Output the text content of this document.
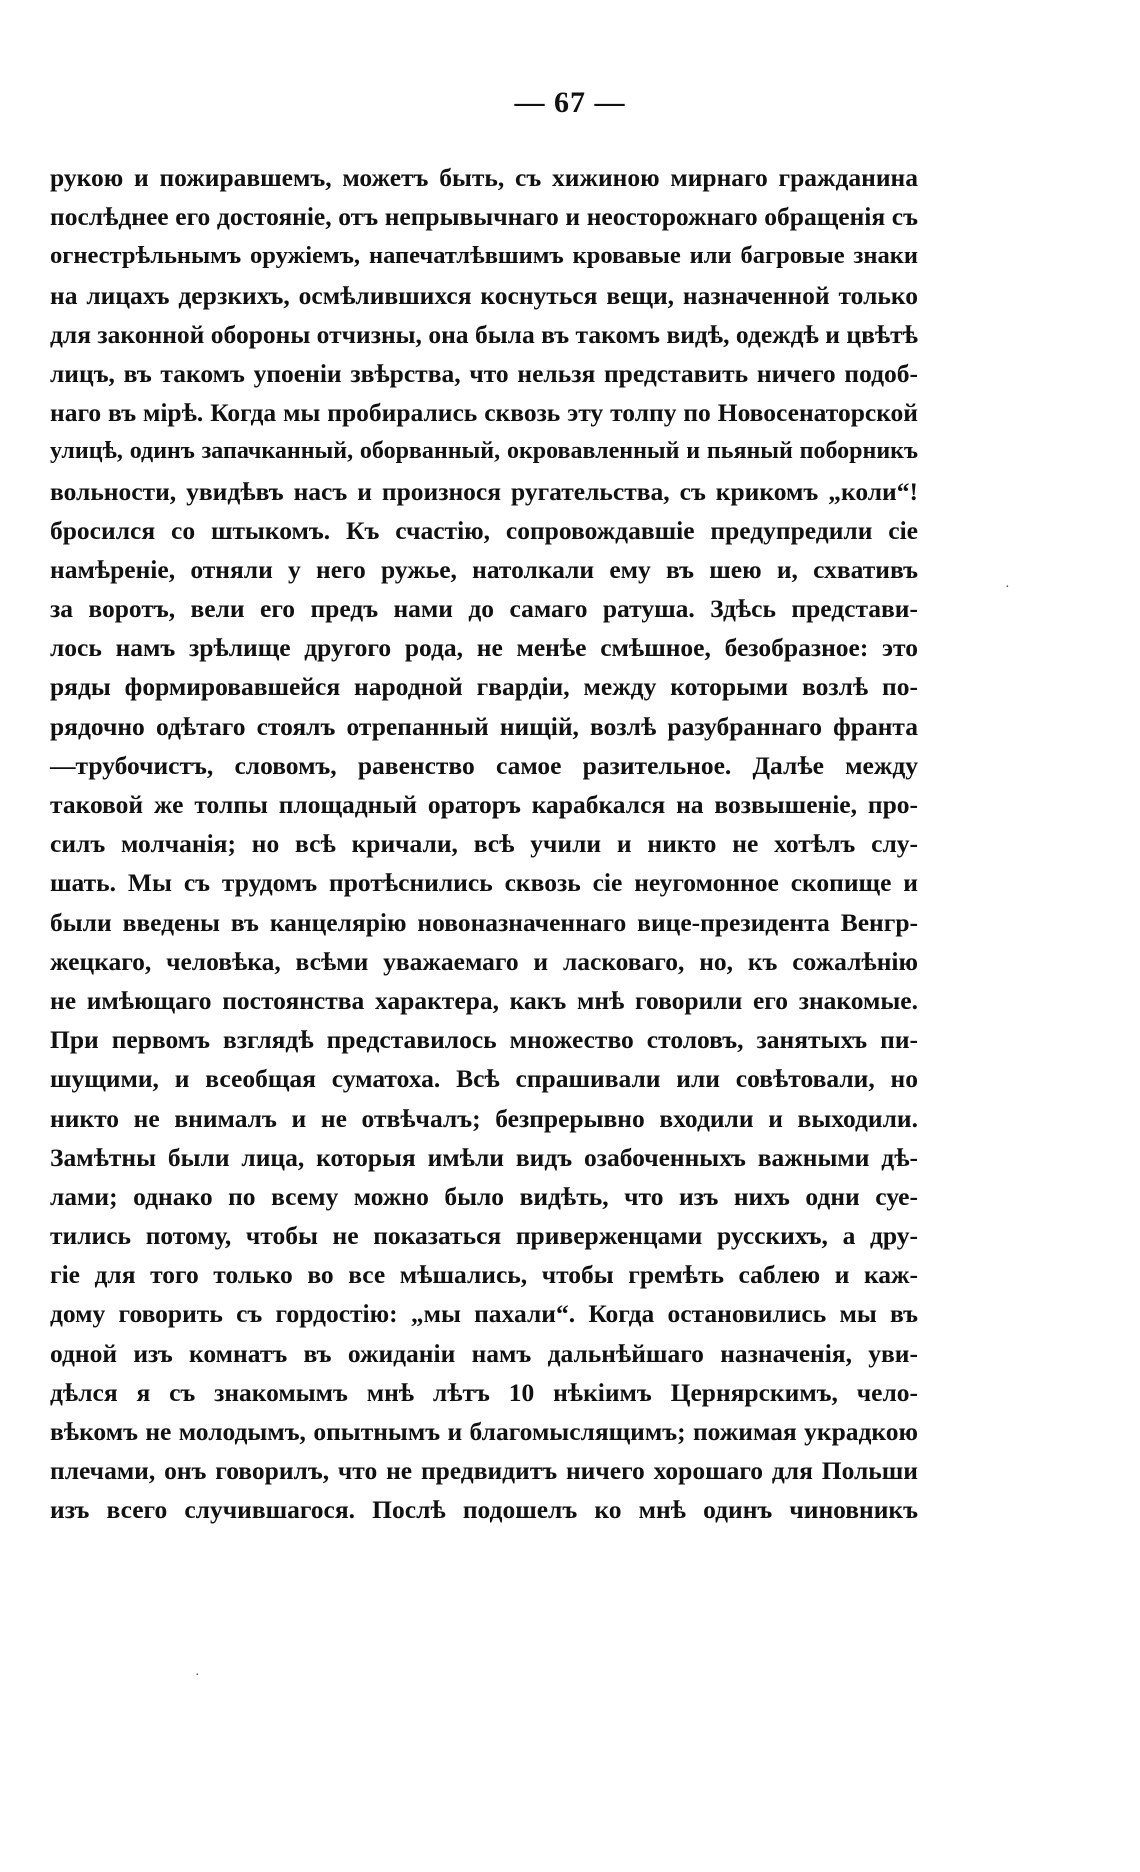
— 67 —
рукою и пожиравшемъ, можетъ быть, съ хижиною мирнаго гражданина
послѣднее его достояніе, отъ непрывычнаго и неосторожнаго обращенія съ
огнестрѣльнымъ оружіемъ, напечатлѣвшимъ кровавые или багровые знаки
на лицахъ дерзкихъ, осмѣлившихся коснуться вещи, назначенной только
для законной обороны отчизны, она была въ такомъ видѣ, одеждѣ и цвѣтѣ
лицъ, въ такомъ упоеніи звѣрства, что нельзя представить ничего подоб-
наго въ мірѣ. Когда мы пробирались сквозь эту толпу по Новосенаторской
улицѣ, одинъ запачканный, оборванный, окровавленный и пьяный поборникъ
вольности, увидѣвъ насъ и произнося ругательства, съ крикомъ „коли“!
бросился со штыкомъ. Къ счастію, сопровождавшіе предупредили сіе
намѣреніе, отняли у него ружье, натолкали ему въ шею и, схвативъ
за воротъ, вели его предъ нами до самаго ратуша. Здѣсь представи-
лось намъ зрѣлище другого рода, не менѣе смѣшное, безобразное: это
ряды формировавшейся народной гвардіи, между которыми возлѣ по-
рядочно одѣтаго стоялъ отрепанный нищій, возлѣ разубраннаго франта
—трубочистъ, словомъ, равенство самое разительное. Далѣе между
таковой же толпы площадный ораторъ карабкался на возвышеніе, про-
силъ молчанія; но всѣ кричали, всѣ учили и никто не хотѣлъ слу-
шать. Мы съ трудомъ протѣснились сквозь сіе неугомонное скопище и
были введены въ канцелярію новоназначеннаго вице-президента Венгр-
жецкаго, человѣка, всѣми уважаемаго и ласковаго, но, къ сожалѣнію
не имѣющаго постоянства характера, какъ мнѣ говорили его знакомые.
При первомъ взглядѣ представилось множество столовъ, занятыхъ пи-
шущими, и всеобщая суматоха. Всѣ спрашивали или совѣтовали, но
никто не внималъ и не отвѣчалъ; безпрерывно входили и выходили.
Замѣтны были лица, которыя имѣли видъ озабоченныхъ важными дѣ-
лами; однако по всему можно было видѣть, что изъ нихъ одни суе-
тились потому, чтобы не показаться приверженцами русскихъ, а дру-
гіе для того только во все мѣшались, чтобы гремѣть саблею и каж-
дому говорить съ гордостію: „мы пахали“. Когда остановились мы въ
одной изъ комнатъ въ ожиданіи намъ дальнѣйшаго назначенія, уви-
дѣлся я съ знакомымъ мнѣ лѣтъ 10 нѣкіимъ Цернярскимъ, чело-
вѣкомъ не молодымъ, опытнымъ и благомыслящимъ; пожимая украдкою
плечами, онъ говорилъ, что не предвидитъ ничего хорошаго для Польши
изъ всего случившагося. Послѣ подошелъ ко мнѣ одинъ чиновникъ
·
·
